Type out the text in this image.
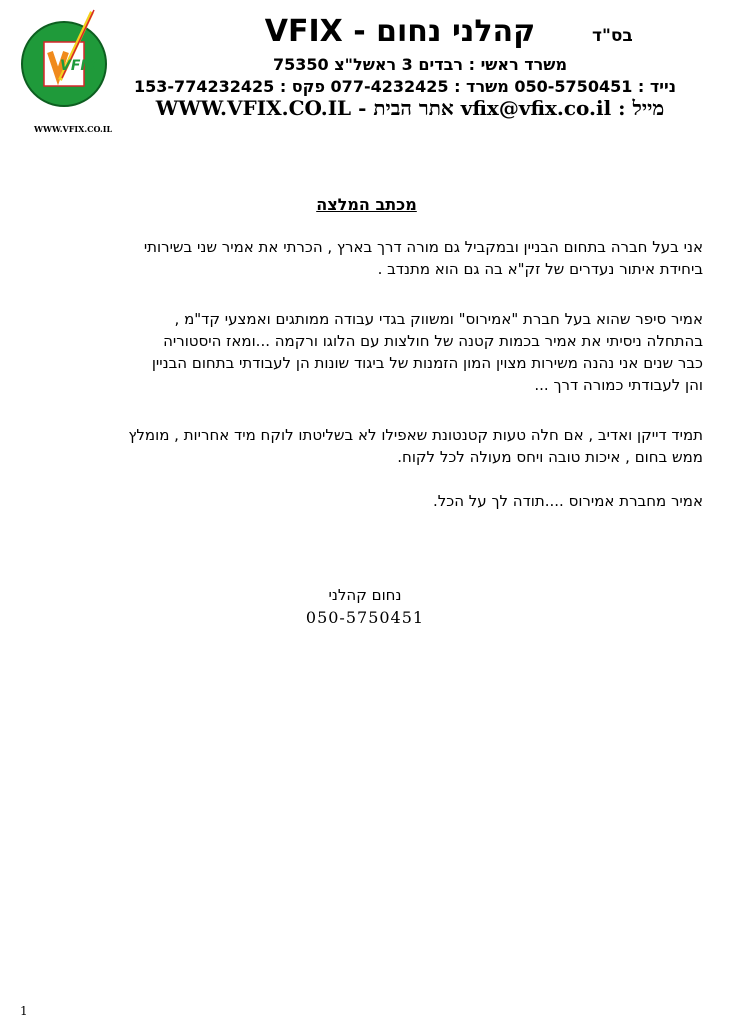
בס"ד
קהלני נחום - VFIX
משרד ראשי : רבדים 3 ראשל"צ 75350
נייד : 050-5750451 משרד : 077-4232425 פקס : 153-774232425
מייל : vfix@vfix.co.il אתר הבית - WWW.VFIX.CO.IL
VFIX
WWW.VFIX.CO.IL
מכתב המלצה
אני בעל חברה בתחום הבניין ובמקביל גם מורה דרך בארץ , הכרתי את אמיר שני בשירותי
ביחידת איתור נעדרים של זק"א בה גם הוא מתנדב .
אמיר סיפר שהוא בעל חברת "אמירוס" ומשווק בגדי עבודה ממותגים ואמצעי קד"מ ,
בהתחלה ניסיתי את אמיר בכמות קטנה של חולצות עם הלוגו ורקמה ...ומאז היסטוריה
כבר שנים אני נהנה משירות מצוין המון הזמנות של ביגוד שונות הן לעבודתי בתחום הבניין
והן לעבודתי כמורה דרך ...
תמיד דייקן ואדיב , אם חלה טעות קטנטונת שאפילו לא בשליטתו לוקח מיד אחריות , מומלץ
ממש בחום , איכות טובה ויחס מעולה לכל לקוח.
אמיר מחברת אמירוס ....תודה לך על הכל.
נחום קהלני
050-5750451
1
